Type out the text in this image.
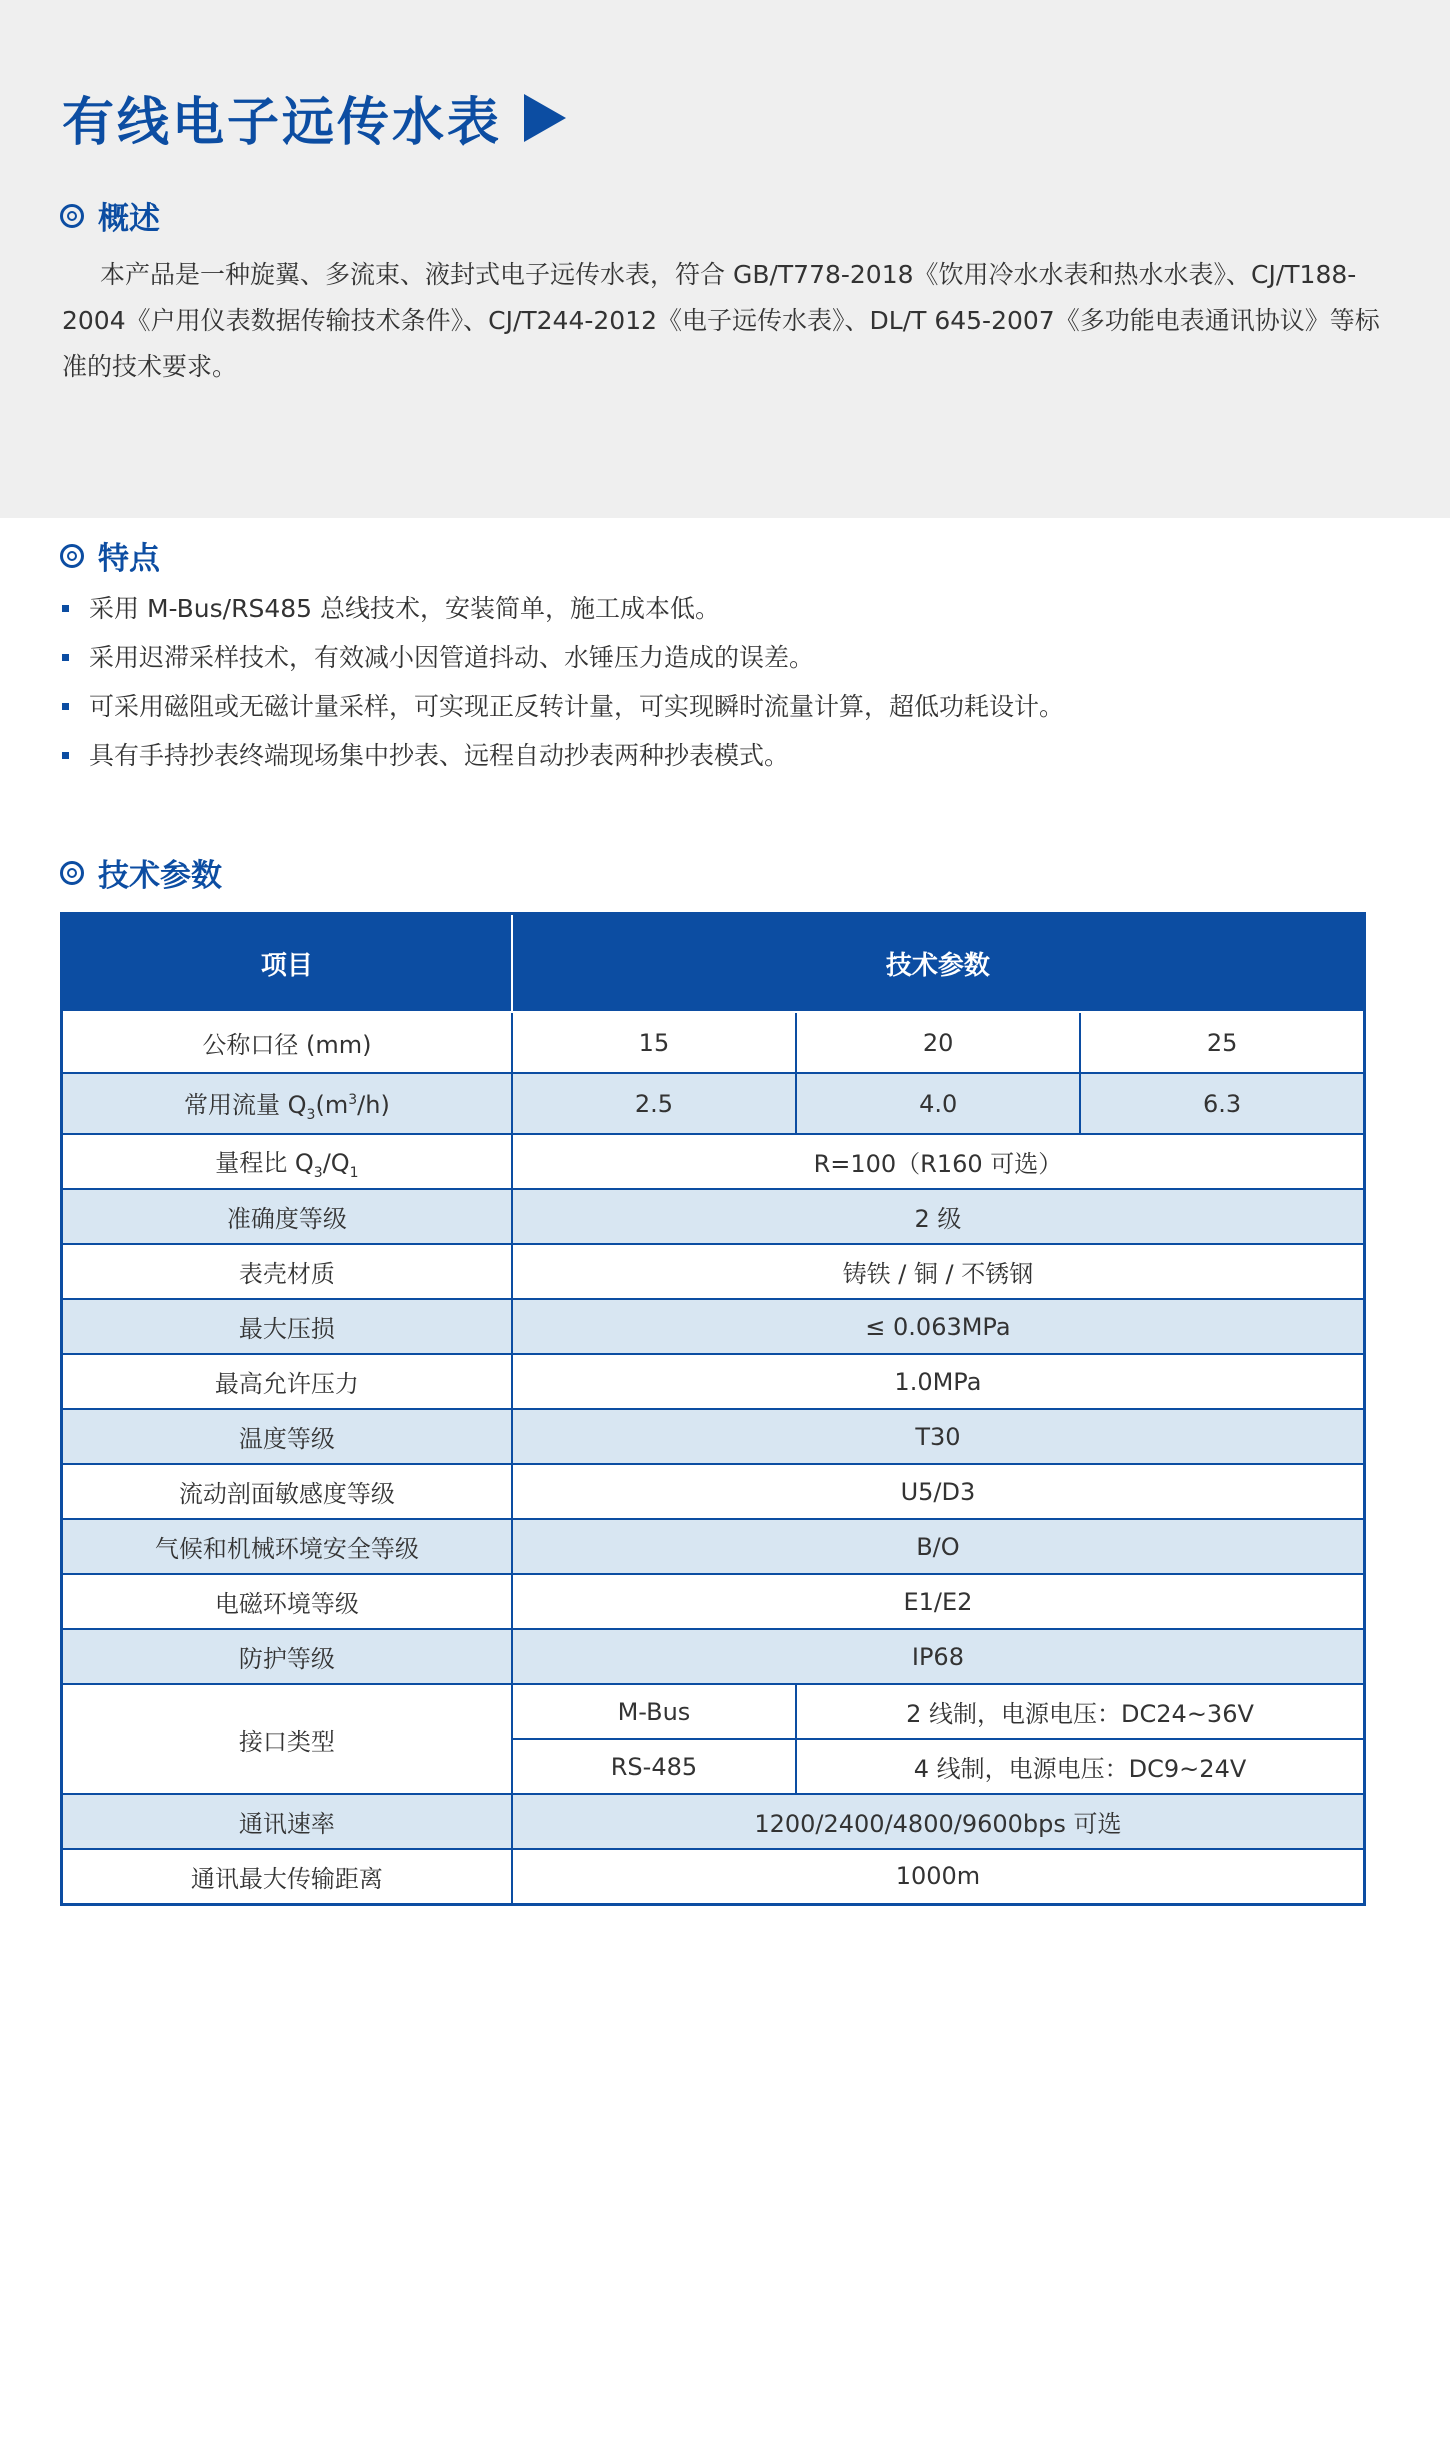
有线电子远传水表
概述
本产品是一种旋翼、多流束、液封式电子远传水表，符合 GB/T778-2018《饮用冷水水表和热水水表》、CJ/T188-2004《户用仪表数据传输技术条件》、CJ/T244-2012《电子远传水表》、DL/T 645-2007《多功能电表通讯协议》等标准的技术要求。
特点
采用 M-Bus/RS485 总线技术，安装简单，施工成本低。
采用迟滞采样技术，有效减小因管道抖动、水锤压力造成的误差。
可采用磁阻或无磁计量采样，可实现正反转计量，可实现瞬时流量计算，超低功耗设计。
具有手持抄表终端现场集中抄表、远程自动抄表两种抄表模式。
技术参数
项目	技术参数		
公称口径 (mm)	15	20	25
常用流量 $Q_3(m^3/h)$	2.5	4.0	6.3
量程比 $Q_3/Q_1$	R=100（R160 可选）		
准确度等级	2 级		
表壳材质	铸铁 / 铜 / 不锈钢		
最大压损	≤ 0.063MPa		
最高允许压力	1.0MPa		
温度等级	T30		
流动剖面敏感度等级	U5/D3		
气候和机械环境安全等级	B/O		
电磁环境等级	E1/E2		
防护等级	IP68		
接口类型	M-Bus	2 线制，电源电压：DC24~36V	
	RS-485	4 线制，电源电压：DC9~24V	
通讯速率	1200/2400/4800/9600bps 可选		
通讯最大传输距离	1000m		
